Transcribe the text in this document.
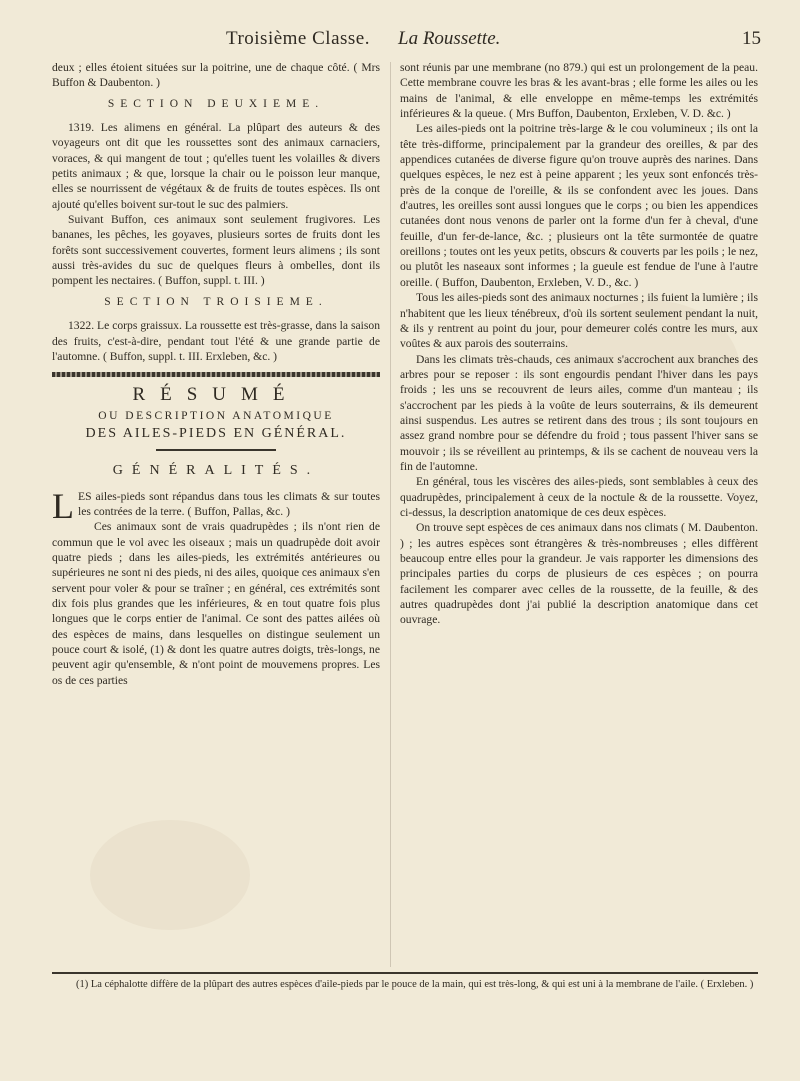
Troisième Classe. La Roussette.	15

deux ; elles étoient situées sur la poitrine, une de chaque côté. ( Mrs Buffon & Daubenton. )

SECTION DEUXIEME.

1319. Les alimens en général. La plûpart des auteurs & des voyageurs ont dit que les roussettes sont des animaux carnaciers, voraces, & qui mangent de tout ; qu'elles tuent les volailles & divers petits animaux ; & que, lorsque la chair ou le poisson leur manque, elles se nourrissent de végétaux & de fruits de toutes espèces. Ils ont ajouté qu'elles boivent sur-tout le suc des palmiers.

Suivant Buffon, ces animaux sont seulement frugivores. Les bananes, les pêches, les goyaves, plusieurs sortes de fruits dont les forêts sont successivement couvertes, forment leurs alimens ; ils sont aussi très-avides du suc de quelques fleurs à ombelles, dont ils pompent les nectaires. ( Buffon, suppl. t. III. )

SECTION TROISIEME.

1322. Le corps graissux. La roussette est très-grasse, dans la saison des fruits, c'est-à-dire, pendant tout l'été & une grande partie de l'automne. ( Buffon, suppl. t. III. Erxleben, &c. )

RÉSUMÉ
OU DESCRIPTION ANATOMIQUE
DES AILES-PIEDS EN GÉNÉRAL.
GÉNÉRALITÉS.

LES ailes-pieds sont répandus dans tous les climats & sur toutes les contrées de la terre. ( Buffon, Pallas, &c. )

Ces animaux sont de vrais quadrupèdes ; ils n'ont rien de commun que le vol avec les oiseaux ; mais un quadrupède doit avoir quatre pieds ; dans les ailes-pieds, les extrémités antérieures ou supérieures ne sont ni des pieds, ni des ailes, quoique ces animaux s'en servent pour voler & pour se traîner ; en général, ces extrémités sont dix fois plus grandes que les inférieures, & en tout quatre fois plus longues que le corps entier de l'animal. Ce sont des pattes ailées où des espèces de mains, dans lesquelles on distingue seulement un pouce court & isolé, (1) & dont les quatre autres doigts, très-longs, ne peuvent agir qu'ensemble, & n'ont point de mouvemens propres. Les os de ces parties

sont réunis par une membrane (no 879.) qui est un prolongement de la peau. Cette membrane couvre les bras & les avant-bras ; elle forme les ailes ou les mains de l'animal, & elle enveloppe en même-temps les extrémités inférieures & la queue. ( Mrs Buffon, Daubenton, Erxleben, V. D. &c. )

Les ailes-pieds ont la poitrine très-large & le cou volumineux ; ils ont la tête très-difforme, principalement par la grandeur des oreilles, & par des appendices cutanées de diverse figure qu'on trouve auprès des narines. Dans quelques espèces, le nez est à peine apparent ; les yeux sont enfoncés très-près de la conque de l'oreille, & ils se confondent avec les joues. Dans d'autres, les oreilles sont aussi longues que le corps ; ou bien les appendices cutanées dont nous venons de parler ont la forme d'un fer à cheval, d'une feuille, d'un fer-de-lance, &c. ; plusieurs ont la tête surmontée de quatre oreillons ; toutes ont les yeux petits, obscurs & couverts par les poils ; le nez, ou plutôt les naseaux sont informes ; la gueule est fendue de l'une à l'autre oreille. ( Buffon, Daubenton, Erxleben, V. D., &c. )

Tous les ailes-pieds sont des animaux nocturnes ; ils fuient la lumière ; ils n'habitent que les lieux ténébreux, d'où ils sortent seulement pendant la nuit, & ils y rentrent au point du jour, pour demeurer colés contre les murs, aux voûtes & aux parois des souterrains.

Dans les climats très-chauds, ces animaux s'accrochent aux branches des arbres pour se reposer : ils sont engourdis pendant l'hiver dans les pays froids ; les uns se recouvrent de leurs ailes, comme d'un manteau ; ils s'accrochent par les pieds à la voûte de leurs souterrains, & ils demeurent ainsi suspendus. Les autres se retirent dans des trous ; ils sont toujours en assez grand nombre pour se défendre du froid ; tous passent l'hiver sans se mouvoir ; ils se réveillent au printemps, & ils se cachent de nouveau vers la fin de l'automne.

En général, tous les viscères des ailes-pieds, sont semblables à ceux des quadrupèdes, principalement à ceux de la noctule & de la roussette. Voyez, ci-dessus, la description anatomique de ces deux espèces.

On trouve sept espèces de ces animaux dans nos climats ( M. Daubenton. ) ; les autres espèces sont étrangères & très-nombreuses ; elles diffèrent beaucoup entre elles pour la grandeur. Je vais rapporter les dimensions des principales parties du corps de plusieurs de ces espèces ; on pourra facilement les comparer avec celles de la roussette, de la feuille, & des autres quadrupèdes dont j'ai publié la description anatomique dans cet ouvrage.

(1) La céphalotte diffère de la plûpart des autres espèces d'aile-pieds par le pouce de la main, qui est très-long, & qui est uni à la membrane de l'aile. ( Erxleben. )
